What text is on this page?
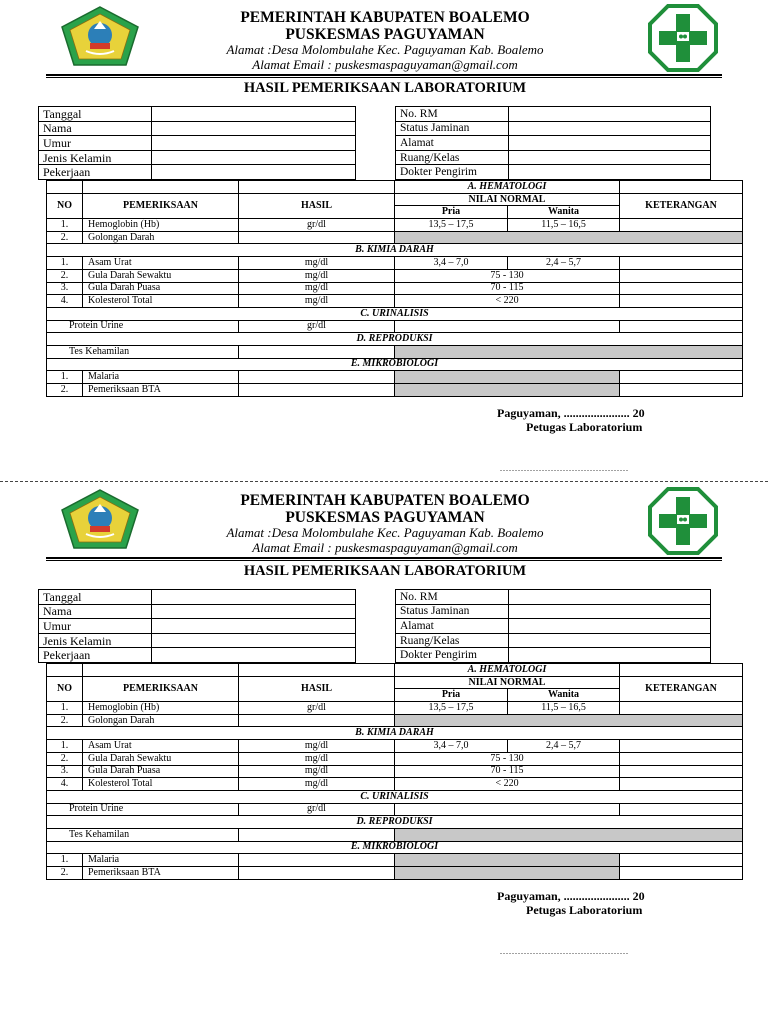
PEMERINTAH KABUPATEN BOALEMO
PUSKESMAS PAGUYAMAN
Alamat :Desa Molombulahe Kec. Paguyaman Kab. Boalemo
Alamat Email : puskesmaspaguyaman@gmail.com
HASIL PEMERIKSAAN LABORATORIUM
Tanggal	
Nama	
Umur	
Jenis Kelamin	
Pekerjaan	
No. RM	
Status Jaminan	
Alamat	
Ruang/Kelas	
Dokter Pengirim	
			A. HEMATOLOGI		
NO	PEMERIKSAAN	HASIL	NILAI NORMAL		KETERANGAN
			Pria	Wanita	
1.	Hemoglobin (Hb)	gr/dl	13,5 – 17,5	11,5 – 16,5	
2.	Golongan Darah				
B. KIMIA DARAH					
1.	Asam Urat	mg/dl	3,4 – 7,0	2,4 – 5,7	
2.	Gula Darah Sewaktu	mg/dl	75 - 130		
3.	Gula Darah Puasa	mg/dl	70 - 115		
4.	Kolesterol Total	mg/dl	< 220		
C. URINALISIS					
Protein Urine		gr/dl			
D. REPRODUKSI					
Tes Kehamilan					
E. MIKROBIOLOGI					
1.	Malaria				
2.	Pemeriksaan BTA				
Paguyaman, ...................... 20
Petugas Laboratorium
...........................................
PEMERINTAH KABUPATEN BOALEMO
PUSKESMAS PAGUYAMAN
Alamat :Desa Molombulahe Kec. Paguyaman Kab. Boalemo
Alamat Email : puskesmaspaguyaman@gmail.com
HASIL PEMERIKSAAN LABORATORIUM
Tanggal	
Nama	
Umur	
Jenis Kelamin	
Pekerjaan	
No. RM	
Status Jaminan	
Alamat	
Ruang/Kelas	
Dokter Pengirim	
			A. HEMATOLOGI		
NO	PEMERIKSAAN	HASIL	NILAI NORMAL		KETERANGAN
			Pria	Wanita	
1.	Hemoglobin (Hb)	gr/dl	13,5 – 17,5	11,5 – 16,5	
2.	Golongan Darah				
B. KIMIA DARAH					
1.	Asam Urat	mg/dl	3,4 – 7,0	2,4 – 5,7	
2.	Gula Darah Sewaktu	mg/dl	75 - 130		
3.	Gula Darah Puasa	mg/dl	70 - 115		
4.	Kolesterol Total	mg/dl	< 220		
C. URINALISIS					
Protein Urine		gr/dl			
D. REPRODUKSI					
Tes Kehamilan					
E. MIKROBIOLOGI					
1.	Malaria				
2.	Pemeriksaan BTA				
Paguyaman, ...................... 20
Petugas Laboratorium
...........................................
